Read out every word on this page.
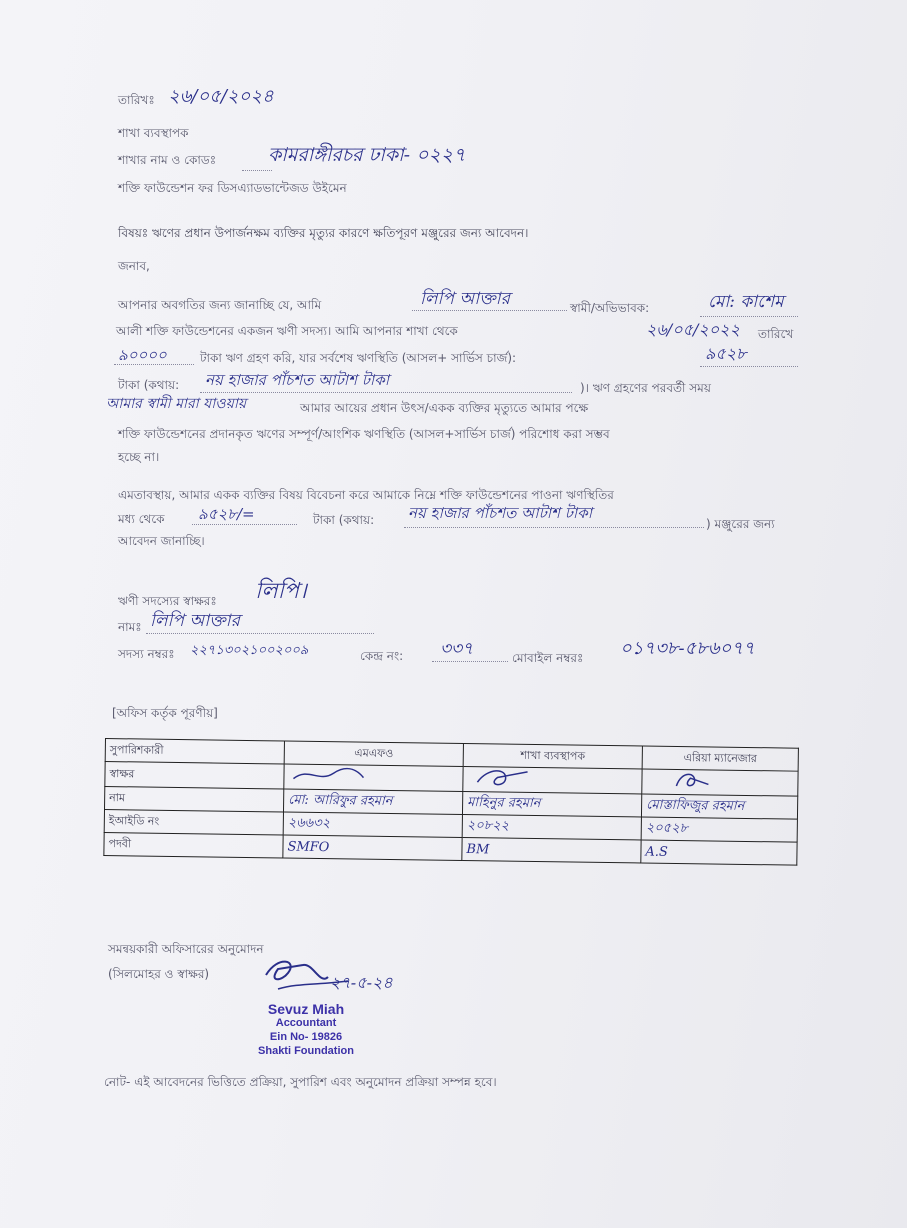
তারিখঃ ২৬/০৫/২০২৪
শাখা ব্যবস্থাপক
শাখার নাম ও কোডঃ	কামরাঙ্গীরচর ঢাকা- ০২২৭
শক্তি ফাউন্ডেশন ফর ডিসএ্যাডভান্টেজড উইমেন
বিষয়ঃ ঋণের প্রধান উপার্জনক্ষম ব্যক্তির মৃত্যুর কারণে ক্ষতিপূরণ মঞ্জুরের জন্য আবেদন।
জনাব,
আপনার অবগতির জন্য জানাচ্ছি যে, আমি	লিপি আক্তার	স্বামী/অভিভাবক:	মো: কাশেম
আলী শক্তি ফাউন্ডেশনের একজন ঋণী সদস্য। আমি আপনার শাখা থেকে	২৬/০৫/২০২২ তারিখে
৯০০০০	টাকা ঋণ গ্রহণ করি, যার সর্বশেষ ঋণস্থিতি (আসল+ সার্ভিস চার্জ):	৯৫২৮
টাকা (কথায়: নয় হাজার পাঁচশত আটাশ টাকা	)। ঋণ গ্রহণের পরবর্তী সময়
আমার স্বামী মারা যাওয়ায়	আমার আয়ের প্রধান উৎস/একক ব্যক্তির মৃত্যুতে আমার পক্ষে
শক্তি ফাউন্ডেশনের প্রদানকৃত ঋণের সম্পূর্ণ/আংশিক ঋণস্থিতি (আসল+সার্ভিস চার্জ) পরিশোধ করা সম্ভব
হচ্ছে না।
এমতাবস্থায়, আমার একক ব্যক্তির বিষয় বিবেচনা করে আমাকে নিম্নে শক্তি ফাউন্ডেশনের পাওনা ঋণস্থিতির
মধ্য থেকে ৯৫২৮/=	টাকা (কথায়: নয় হাজার পাঁচশত আটাশ টাকা
) মঞ্জুরের জন্য
আবেদন জানাচ্ছি।
ঋণী সদস্যের স্বাক্ষরঃ লিপি।
নামঃ লিপি আক্তার
সদস্য নম্বরঃ ২২৭১৩০২১০০২০০৯	কেন্দ্র নং: ৩৩৭	মোবাইল নম্বরঃ ০১৭৩৮-৫৮৬০৭৭
[অফিস কর্তৃক পূরণীয়]
সুপারিশকারী	এমএফও	শাখা ব্যবস্থাপক	এরিয়া ম্যানেজার
স্বাক্ষর			
নাম	মো: আরিফুর রহমান	মাহিনুর রহমান	মোস্তাফিজুর রহমান
ইআইডি নং	২৬৬৩২	২০৮২২	২০৫২৮
পদবী	SMFO	BM	A.S
সমন্বয়কারী অফিসারের অনুমোদন
(সিলমোহর ও স্বাক্ষর)	২৭-৫-২৪
Sevuz Miah
Accountant
Ein No- 19826
Shakti Foundation
নোট- এই আবেদনের ভিত্তিতে প্রক্রিয়া, সুপারিশ এবং অনুমোদন প্রক্রিয়া সম্পন্ন হবে।
